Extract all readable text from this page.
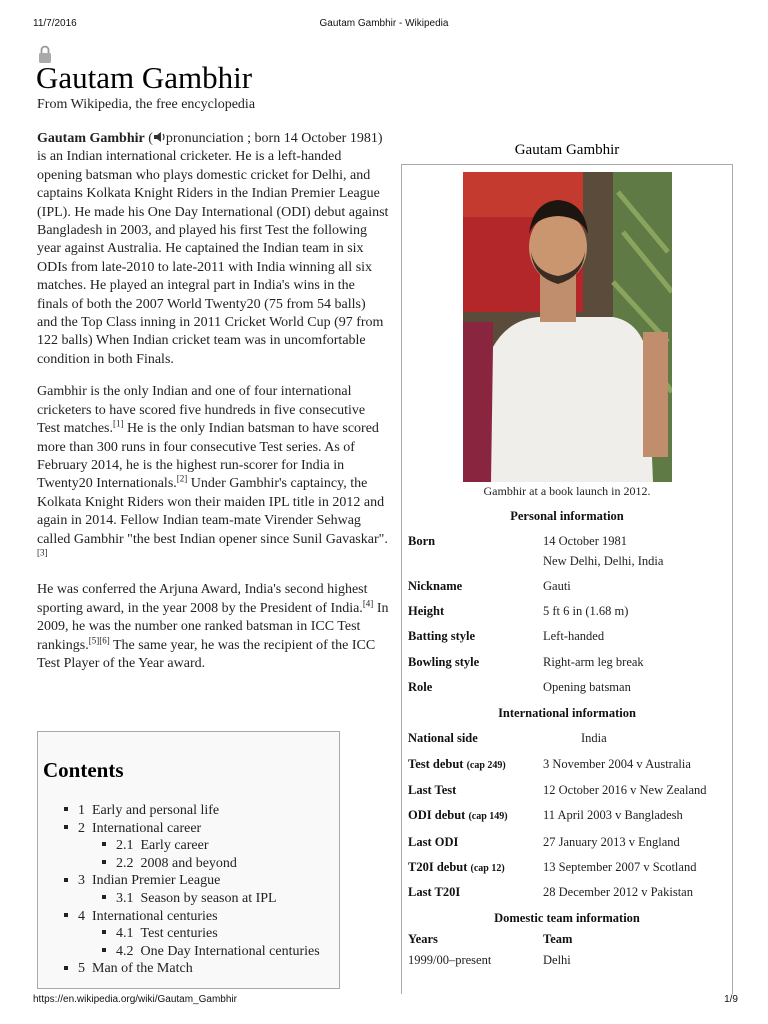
11/7/2016	Gautam Gambhir - Wikipedia
Gautam Gambhir
From Wikipedia, the free encyclopedia

Gautam Gambhir ( pronunciation ; born 14 October 1981) is an Indian international cricketer. He is a left-handed opening batsman who plays domestic cricket for Delhi, and captains Kolkata Knight Riders in the Indian Premier League (IPL). He made his One Day International (ODI) debut against Bangladesh in 2003, and played his first Test the following year against Australia. He captained the Indian team in six ODIs from late-2010 to late-2011 with India winning all six matches. He played an integral part in India's wins in the finals of both the 2007 World Twenty20 (75 from 54 balls) and the Top Class inning in 2011 Cricket World Cup (97 from 122 balls) When Indian cricket team was in uncomfortable condition in both Finals.

Gambhir is the only Indian and one of four international cricketers to have scored five hundreds in five consecutive Test matches.[1] He is the only Indian batsman to have scored more than 300 runs in four consecutive Test series. As of February 2014, he is the highest run-scorer for India in Twenty20 Internationals.[2] Under Gambhir's captaincy, the Kolkata Knight Riders won their maiden IPL title in 2012 and again in 2014. Fellow Indian team-mate Virender Sehwag called Gambhir "the best Indian opener since Sunil Gavaskar".[3]

He was conferred the Arjuna Award, India's second highest sporting award, in the year 2008 by the President of India.[4] In 2009, he was the number one ranked batsman in ICC Test rankings.[5][6] The same year, he was the recipient of the ICC Test Player of the Year award.

Contents
1 Early and personal life
2 International career
2.1 Early career
2.2 2008 and beyond
3 Indian Premier League
3.1 Season by season at IPL
4 International centuries
4.1 Test centuries
4.2 One Day International centuries
5 Man of the Match
Gautam Gambhir
Gambhir at a book launch in 2012.
Personal information
Born	14 October 1981
New Delhi, Delhi, India
Nickname	Gauti
Height	5 ft 6 in (1.68 m)
Batting style	Left-handed
Bowling style	Right-arm leg break
Role	Opening batsman
International information
National side	India
Test debut (cap 249)	3 November 2004 v Australia
Last Test	12 October 2016 v New Zealand
ODI debut (cap 149)	11 April 2003 v Bangladesh
Last ODI	27 January 2013 v England
T20I debut (cap 12)	13 September 2007 v Scotland
Last T20I	28 December 2012 v Pakistan
Domestic team information
Years	Team
1999/00–present	Delhi
https://en.wikipedia.org/wiki/Gautam_Gambhir	1/9
